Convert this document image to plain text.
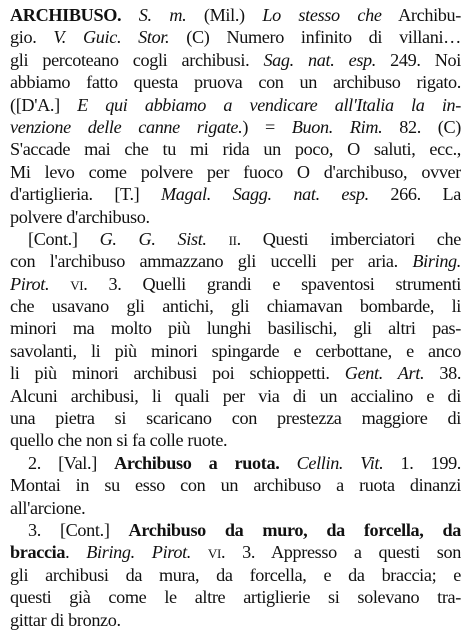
ARCHIBUSO. S. m. (Mil.) Lo stesso che Archibu-
gio. V. Guic. Stor. (C) Numero infinito di villani…
gli percoteano cogli archibusi. Sag. nat. esp. 249. Noi
abbiamo fatto questa pruova con un archibuso rigato.
([D'A.] E qui abbiamo a vendicare all'Italia la in-
venzione delle canne rigate.) = Buon. Rim. 82. (C)
S'accade mai che tu mi rida un poco, O saluti, ecc.,
Mi levo come polvere per fuoco O d'archibuso, ovver
d'artiglieria. [T.] Magal. Sagg. nat. esp. 266. La
polvere d'archibuso.
[Cont.] G. G. Sist. ii. Questi imberciatori che
con l'archibuso ammazzano gli uccelli per aria. Biring.
Pirot. vi. 3. Quelli grandi e spaventosi strumenti
che usavano gli antichi, gli chiamavan bombarde, li
minori ma molto più lunghi basilischi, gli altri pas-
savolanti, li più minori spingarde e cerbottane, e anco
li più minori archibusi poi schioppetti. Gent. Art. 38.
Alcuni archibusi, li quali per via di un accialino e di
una pietra si scaricano con prestezza maggiore di
quello che non si fa colle ruote.
2. [Val.] Archibuso a ruota. Cellin. Vit. 1. 199.
Montai in su esso con un archibuso a ruota dinanzi
all'arcione.
3. [Cont.] Archibuso da muro, da forcella, da
braccia. Biring. Pirot. vi. 3. Appresso a questi son
gli archibusi da mura, da forcella, e da braccia; e
questi già come le altre artiglierie si solevano tra-
gittar di bronzo.
